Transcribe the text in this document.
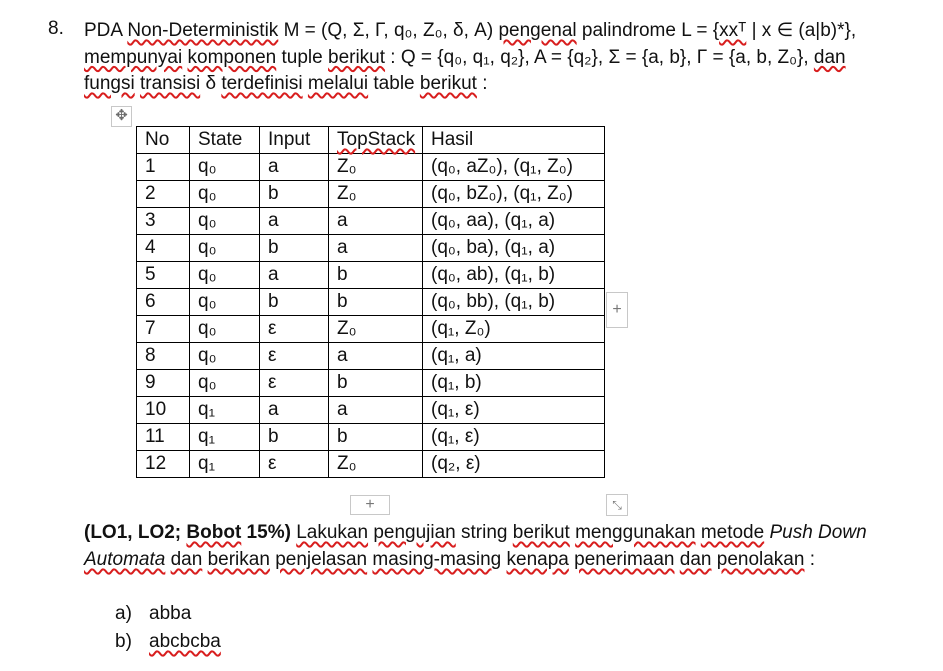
8. PDA Non-Deterministik M = (Q, Σ, Γ, q₀, Z₀, δ, A) pengenal palindrome L = {xxᵀ | x ∈ (a|b)*},

mempunyai komponen tuple berikut : Q = {q₀, q₁, q₂}, A = {q₂}, Σ = {a, b}, Γ = {a, b, Z₀}, dan

fungsi transisi δ terdefinisi melalui table berikut :

✥
No	State	Input	TopStack	Hasil
1	q₀	a	Z₀	(q₀, aZ₀), (q₁, Z₀)
2	q₀	b	Z₀	(q₀, bZ₀), (q₁, Z₀)
3	q₀	a	a	(q₀, aa), (q₁, a)
4	q₀	b	a	(q₀, ba), (q₁, a)
5	q₀	a	b	(q₀, ab), (q₁, b)
6	q₀	b	b	(q₀, bb), (q₁, b)
7	q₀	ε	Z₀	(q₁, Z₀)
8	q₀	ε	a	(q₁, a)
9	q₀	ε	b	(q₁, b)
10	q₁	a	a	(q₁, ε)
11	q₁	b	b	(q₁, ε)
12	q₁	ε	Z₀	(q₂, ε)
+
+	⤡

(LO1, LO2; Bobot 15%) Lakukan pengujian string berikut menggunakan metode Push Down

Automata dan berikan penjelasan masing-masing kenapa penerimaan dan penolakan :

a) abba
b) abcbcba
